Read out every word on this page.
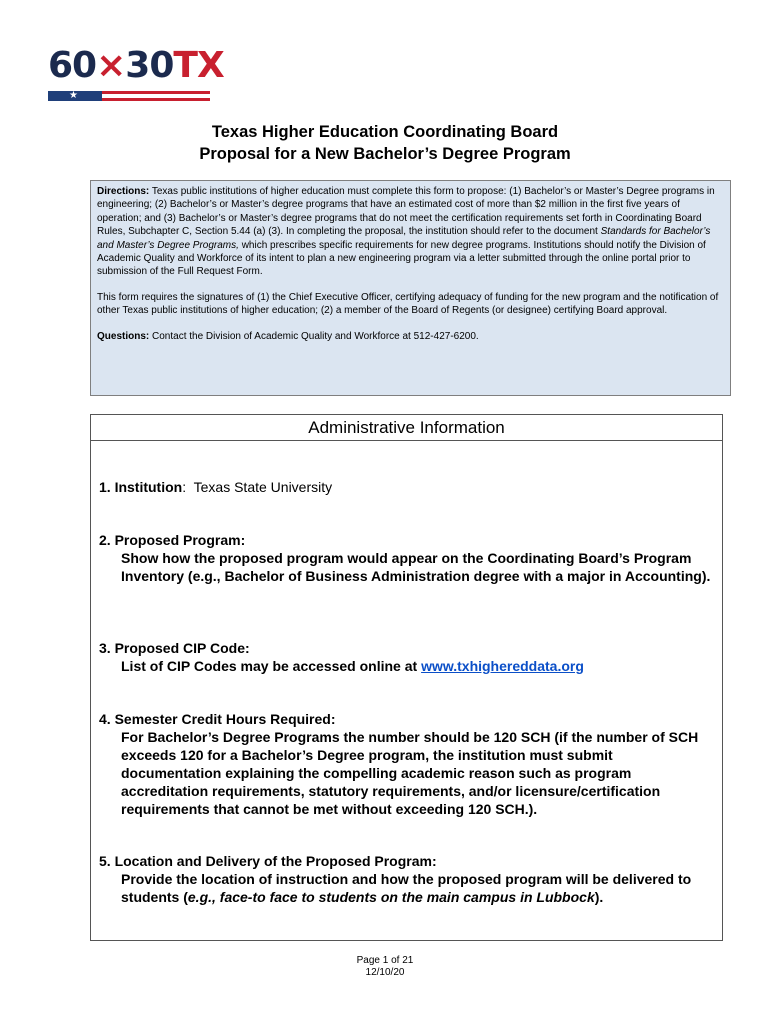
60×30TX
★
Texas Higher Education Coordinating Board
Proposal for a New Bachelor’s Degree Program

Directions: Texas public institutions of higher education must complete this form to propose: (1) Bachelor’s or Master’s Degree programs in engineering; (2) Bachelor’s or Master’s degree programs that have an estimated cost of more than $2 million in the first five years of operation; and (3) Bachelor’s or Master’s degree programs that do not meet the certification requirements set forth in Coordinating Board Rules, Subchapter C, Section 5.44 (a) (3). In completing the proposal, the institution should refer to the document Standards for Bachelor’s and Master’s Degree Programs, which prescribes specific requirements for new degree programs. Institutions should notify the Division of Academic Quality and Workforce of its intent to plan a new engineering program via a letter submitted through the online portal prior to submission of the Full Request Form.

This form requires the signatures of (1) the Chief Executive Officer, certifying adequacy of funding for the new program and the notification of other Texas public institutions of higher education; (2) a member of the Board of Regents (or designee) certifying Board approval.

Questions: Contact the Division of Academic Quality and Workforce at 512-427-6200.

Administrative Information
1. Institution:  Texas State University
2. Proposed Program:
Show how the proposed program would appear on the Coordinating Board’s Program Inventory (e.g., Bachelor of Business Administration degree with a major in Accounting).
3. Proposed CIP Code:
List of CIP Codes may be accessed online at www.txhighereddata.org
4. Semester Credit Hours Required:
For Bachelor’s Degree Programs the number should be 120 SCH (if the number of SCH exceeds 120 for a Bachelor’s Degree program, the institution must submit documentation explaining the compelling academic reason such as program accreditation requirements, statutory requirements, and/or licensure/certification requirements that cannot be met without exceeding 120 SCH.).
5. Location and Delivery of the Proposed Program:
Provide the location of instruction and how the proposed program will be delivered to students (e.g., face-to face to students on the main campus in Lubbock).
Page 1 of 21
12/10/20
